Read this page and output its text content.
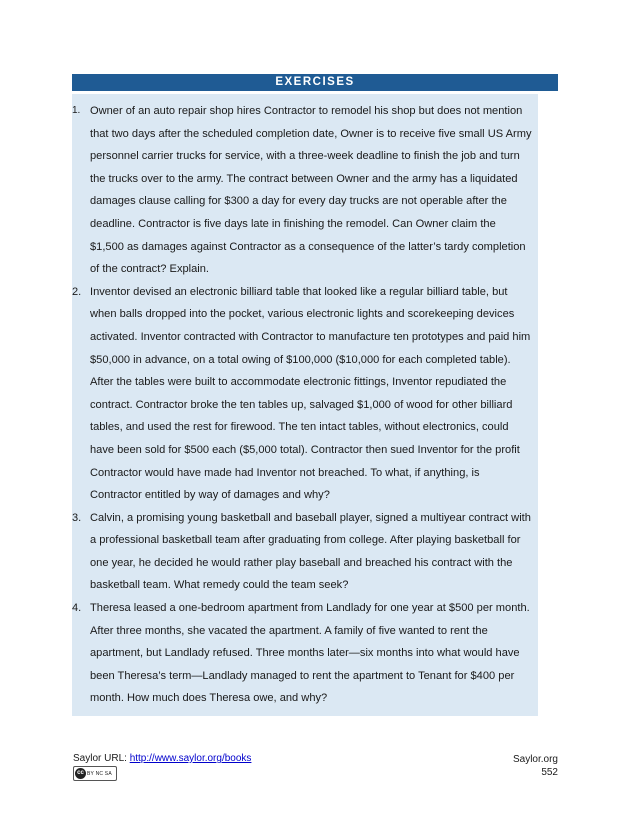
EXERCISES
1. Owner of an auto repair shop hires Contractor to remodel his shop but does not mention that two days after the scheduled completion date, Owner is to receive five small US Army personnel carrier trucks for service, with a three-week deadline to finish the job and turn the trucks over to the army. The contract between Owner and the army has a liquidated damages clause calling for $300 a day for every day trucks are not operable after the deadline. Contractor is five days late in finishing the remodel. Can Owner claim the $1,500 as damages against Contractor as a consequence of the latter’s tardy completion of the contract? Explain.
2. Inventor devised an electronic billiard table that looked like a regular billiard table, but when balls dropped into the pocket, various electronic lights and scorekeeping devices activated. Inventor contracted with Contractor to manufacture ten prototypes and paid him $50,000 in advance, on a total owing of $100,000 ($10,000 for each completed table). After the tables were built to accommodate electronic fittings, Inventor repudiated the contract. Contractor broke the ten tables up, salvaged $1,000 of wood for other billiard tables, and used the rest for firewood. The ten intact tables, without electronics, could have been sold for $500 each ($5,000 total). Contractor then sued Inventor for the profit Contractor would have made had Inventor not breached. To what, if anything, is Contractor entitled by way of damages and why?
3. Calvin, a promising young basketball and baseball player, signed a multiyear contract with a professional basketball team after graduating from college. After playing basketball for one year, he decided he would rather play baseball and breached his contract with the basketball team. What remedy could the team seek?
4. Theresa leased a one-bedroom apartment from Landlady for one year at $500 per month. After three months, she vacated the apartment. A family of five wanted to rent the apartment, but Landlady refused. Three months later—six months into what would have been Theresa’s term—Landlady managed to rent the apartment to Tenant for $400 per month. How much does Theresa owe, and why?
Saylor URL: http://www.saylor.org/books
cc BY NC SA
Saylor.org
552
